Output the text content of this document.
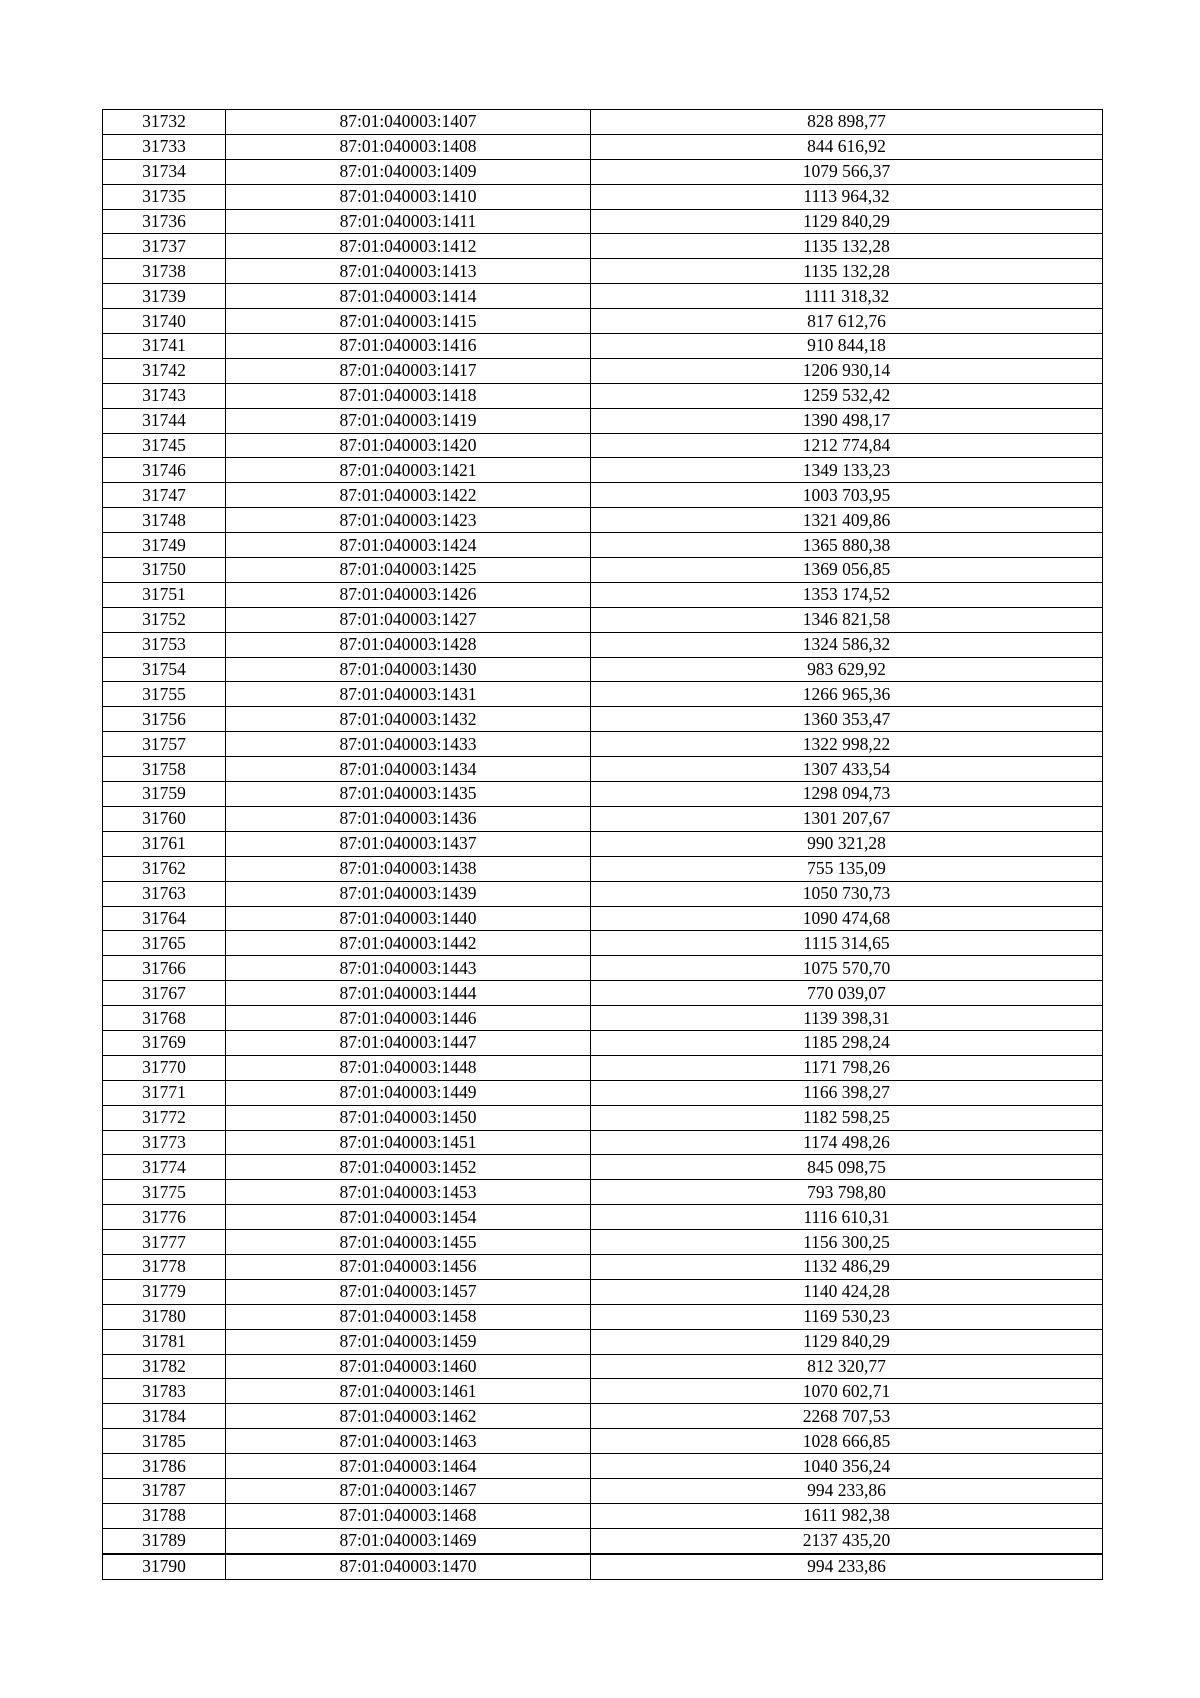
31732	87:01:040003:1407	828 898,77
31733	87:01:040003:1408	844 616,92
31734	87:01:040003:1409	1079 566,37
31735	87:01:040003:1410	1113 964,32
31736	87:01:040003:1411	1129 840,29
31737	87:01:040003:1412	1135 132,28
31738	87:01:040003:1413	1135 132,28
31739	87:01:040003:1414	1111 318,32
31740	87:01:040003:1415	817 612,76
31741	87:01:040003:1416	910 844,18
31742	87:01:040003:1417	1206 930,14
31743	87:01:040003:1418	1259 532,42
31744	87:01:040003:1419	1390 498,17
31745	87:01:040003:1420	1212 774,84
31746	87:01:040003:1421	1349 133,23
31747	87:01:040003:1422	1003 703,95
31748	87:01:040003:1423	1321 409,86
31749	87:01:040003:1424	1365 880,38
31750	87:01:040003:1425	1369 056,85
31751	87:01:040003:1426	1353 174,52
31752	87:01:040003:1427	1346 821,58
31753	87:01:040003:1428	1324 586,32
31754	87:01:040003:1430	983 629,92
31755	87:01:040003:1431	1266 965,36
31756	87:01:040003:1432	1360 353,47
31757	87:01:040003:1433	1322 998,22
31758	87:01:040003:1434	1307 433,54
31759	87:01:040003:1435	1298 094,73
31760	87:01:040003:1436	1301 207,67
31761	87:01:040003:1437	990 321,28
31762	87:01:040003:1438	755 135,09
31763	87:01:040003:1439	1050 730,73
31764	87:01:040003:1440	1090 474,68
31765	87:01:040003:1442	1115 314,65
31766	87:01:040003:1443	1075 570,70
31767	87:01:040003:1444	770 039,07
31768	87:01:040003:1446	1139 398,31
31769	87:01:040003:1447	1185 298,24
31770	87:01:040003:1448	1171 798,26
31771	87:01:040003:1449	1166 398,27
31772	87:01:040003:1450	1182 598,25
31773	87:01:040003:1451	1174 498,26
31774	87:01:040003:1452	845 098,75
31775	87:01:040003:1453	793 798,80
31776	87:01:040003:1454	1116 610,31
31777	87:01:040003:1455	1156 300,25
31778	87:01:040003:1456	1132 486,29
31779	87:01:040003:1457	1140 424,28
31780	87:01:040003:1458	1169 530,23
31781	87:01:040003:1459	1129 840,29
31782	87:01:040003:1460	812 320,77
31783	87:01:040003:1461	1070 602,71
31784	87:01:040003:1462	2268 707,53
31785	87:01:040003:1463	1028 666,85
31786	87:01:040003:1464	1040 356,24
31787	87:01:040003:1467	994 233,86
31788	87:01:040003:1468	1611 982,38
31789	87:01:040003:1469	2137 435,20
31790	87:01:040003:1470	994 233,86
